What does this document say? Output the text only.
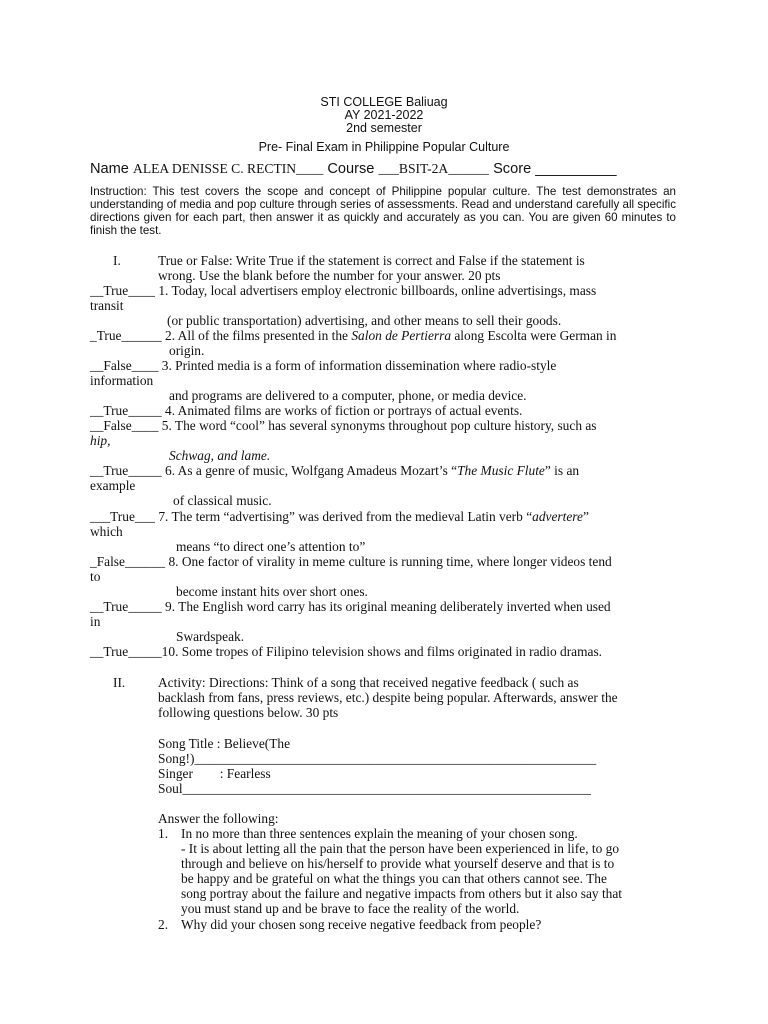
STI COLLEGE Baliuag
AY 2021-2022
2nd semester
Pre- Final Exam in Philippine Popular Culture
Name ALEA DENISSE C. RECTIN____ Course ___BSIT-2A______ Score __________
Instruction: This test covers the scope and concept of Philippine popular culture. The test demonstrates an understanding of media and pop culture through series of assessments. Read and understand carefully all specific directions given for each part, then answer it as quickly and accurately as you can. You are given 60 minutes to finish the test.
I.	True or False: Write True if the statement is correct and False if the statement is
wrong. Use the blank before the number for your answer. 20 pts
__True____ 1. Today, local advertisers employ electronic billboards, online advertisings, mass
transit
(or public transportation) advertising, and other means to sell their goods.
_True______ 2. All of the films presented in the Salon de Pertierra along Escolta were German in
origin.
__False____ 3. Printed media is a form of information dissemination where radio-style
information
and programs are delivered to a computer, phone, or media device.
__True_____ 4. Animated films are works of fiction or portrays of actual events.
__False____ 5. The word “cool” has several synonyms throughout pop culture history, such as
hip,
Schwag, and lame.
__True_____ 6. As a genre of music, Wolfgang Amadeus Mozart’s “The Music Flute” is an
example
of classical music.
___True___ 7. The term “advertising” was derived from the medieval Latin verb “advertere”
which
means “to direct one’s attention to”
_False______ 8. One factor of virality in meme culture is running time, where longer videos tend
to
become instant hits over short ones.
__True_____ 9. The English word carry has its original meaning deliberately inverted when used
in
Swardspeak.
__True_____10. Some tropes of Filipino television shows and films originated in radio dramas.
II. Activity: Directions: Think of a song that received negative feedback ( such as
backlash from fans, press reviews, etc.) despite being popular. Afterwards, answer the
following questions below. 30 pts
Song Title : Believe(The
Song!)____________________________________________________________
Singer        : Fearless
Soul_____________________________________________________________
Answer the following:
1. In no more than three sentences explain the meaning of your chosen song.
- It is about letting all the pain that the person have been experienced in life, to go
through and believe on his/herself to provide what yourself deserve and that is to
be happy and be grateful on what the things you can that others cannot see. The
song portray about the failure and negative impacts from others but it also say that
you must stand up and be brave to face the reality of the world.
2. Why did your chosen song receive negative feedback from people?
